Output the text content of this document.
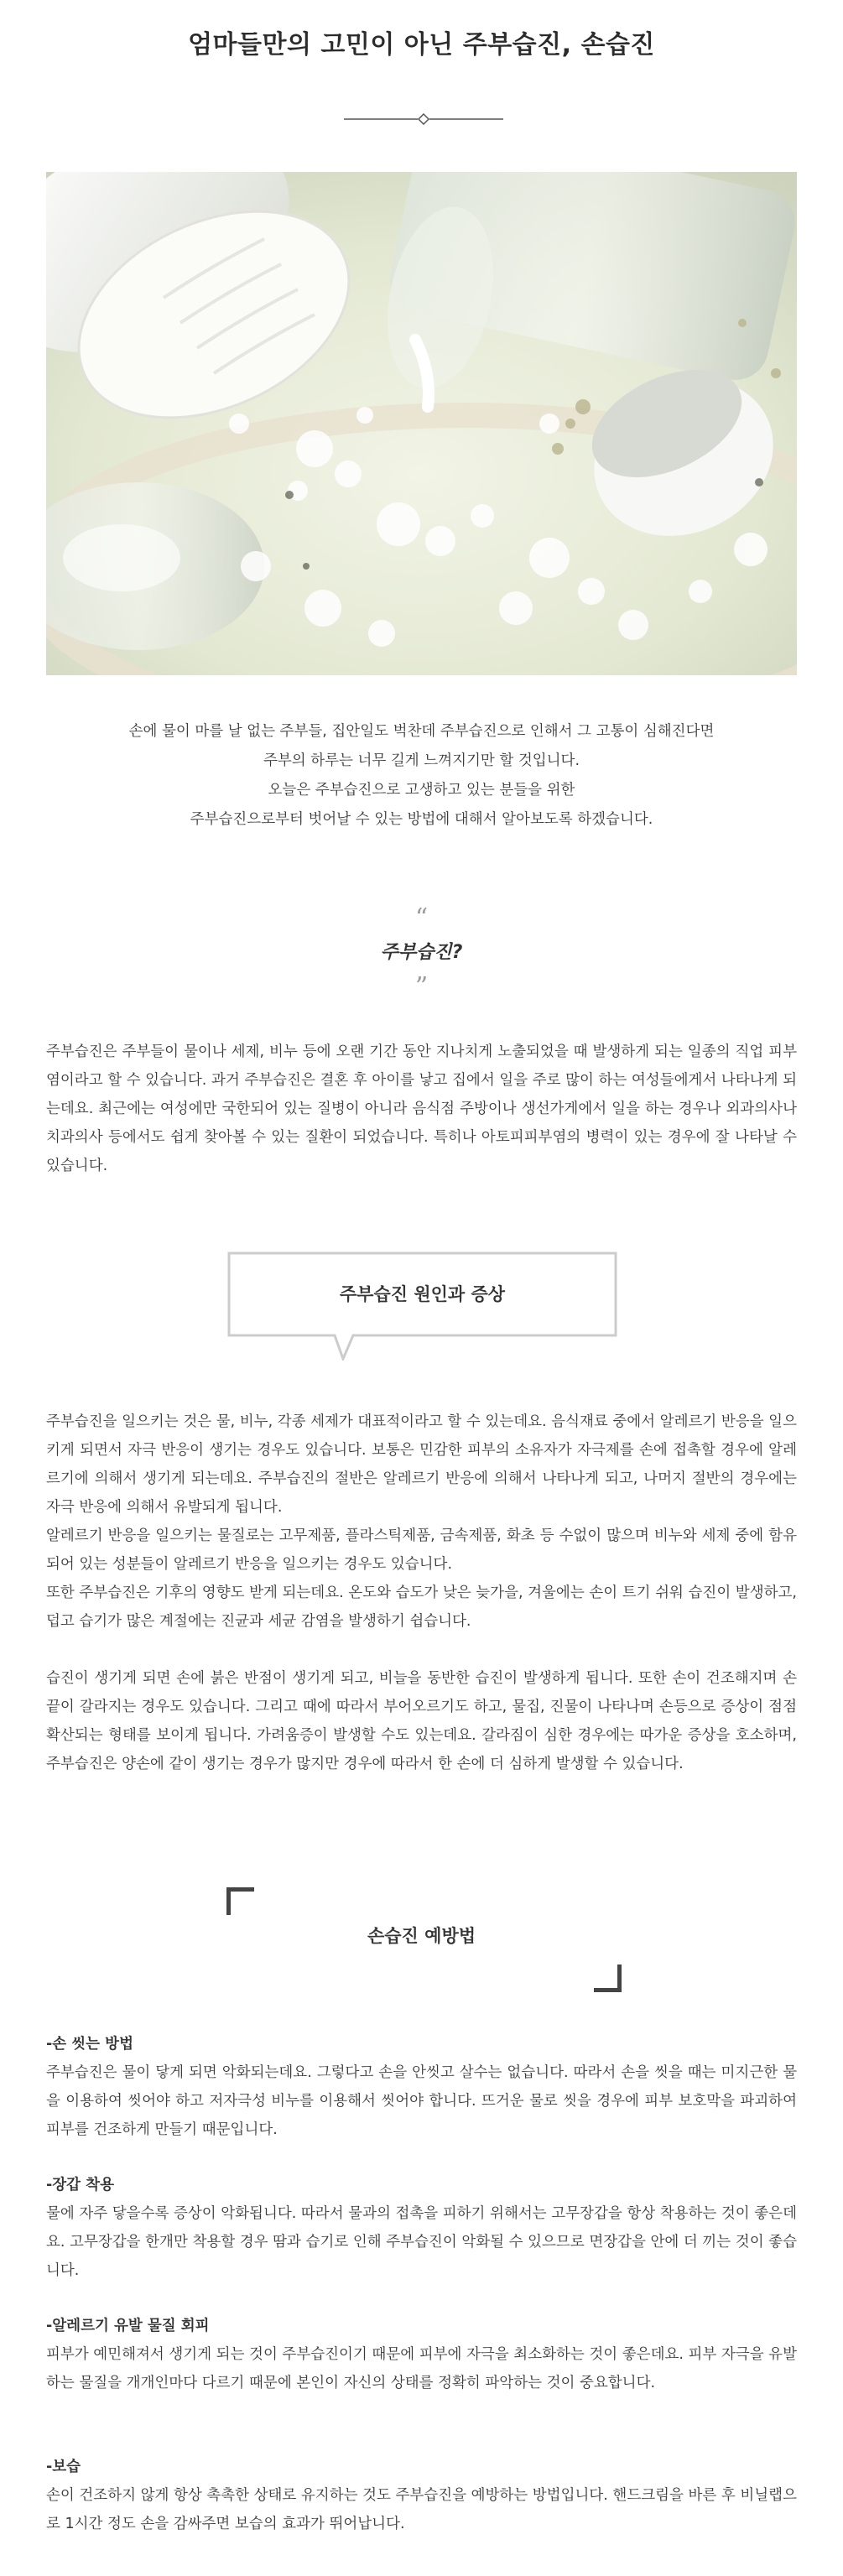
엄마들만의 고민이 아닌 주부습진, 손습진
손에 물이 마를 날 없는 주부들, 집안일도 벅찬데 주부습진으로 인해서 그 고통이 심해진다면
주부의 하루는 너무 길게 느껴지기만 할 것입니다.
오늘은 주부습진으로 고생하고 있는 분들을 위한
주부습진으로부터 벗어날 수 있는 방법에 대해서 알아보도록 하겠습니다.
“
주부습진?
”
주부습진은 주부들이 물이나 세제, 비누 등에 오랜 기간 동안 지나치게 노출되었을 때 발생하게 되는 일종의 직업 피부염이라고 할 수 있습니다. 과거 주부습진은 결혼 후 아이를 낳고 집에서 일을 주로 많이 하는 여성들에게서 나타나게 되는데요. 최근에는 여성에만 국한되어 있는 질병이 아니라 음식점 주방이나 생선가게에서 일을 하는 경우나 외과의사나 치과의사 등에서도 쉽게 찾아볼 수 있는 질환이 되었습니다. 특히나 아토피피부염의 병력이 있는 경우에 잘 나타날 수 있습니다.
주부습진 원인과 증상
주부습진을 일으키는 것은 물, 비누, 각종 세제가 대표적이라고 할 수 있는데요. 음식재료 중에서 알레르기 반응을 일으키게 되면서 자극 반응이 생기는 경우도 있습니다. 보통은 민감한 피부의 소유자가 자극제를 손에 접촉할 경우에 알레르기에 의해서 생기게 되는데요. 주부습진의 절반은 알레르기 반응에 의해서 나타나게 되고, 나머지 절반의 경우에는 자극 반응에 의해서 유발되게 됩니다.
알레르기 반응을 일으키는 물질로는 고무제품, 플라스틱제품, 금속제품, 화초 등 수없이 많으며 비누와 세제 중에 함유되어 있는 성분들이 알레르기 반응을 일으키는 경우도 있습니다.
또한 주부습진은 기후의 영향도 받게 되는데요. 온도와 습도가 낮은 늦가을, 겨울에는 손이 트기 쉬워 습진이 발생하고, 덥고 습기가 많은 계절에는 진균과 세균 감염을 발생하기 쉽습니다.
습진이 생기게 되면 손에 붉은 반점이 생기게 되고, 비늘을 동반한 습진이 발생하게 됩니다. 또한 손이 건조해지며 손 끝이 갈라지는 경우도 있습니다. 그리고 때에 따라서 부어오르기도 하고, 물집, 진물이 나타나며 손등으로 증상이 점점 확산되는 형태를 보이게 됩니다. 가려움증이 발생할 수도 있는데요. 갈라짐이 심한 경우에는 따가운 증상을 호소하며, 주부습진은 양손에 같이 생기는 경우가 많지만 경우에 따라서 한 손에 더 심하게 발생할 수 있습니다.
손습진 예방법
-손 씻는 방법
주부습진은 물이 닿게 되면 악화되는데요. 그렇다고 손을 안씻고 살수는 없습니다. 따라서 손을 씻을 때는 미지근한 물을 이용하여 씻어야 하고 저자극성 비누를 이용해서 씻어야 합니다. 뜨거운 물로 씻을 경우에 피부 보호막을 파괴하여 피부를 건조하게 만들기 때문입니다.
-장갑 착용
물에 자주 닿을수록 증상이 악화됩니다. 따라서 물과의 접촉을 피하기 위해서는 고무장갑을 항상 착용하는 것이 좋은데요. 고무장갑을 한개만 착용할 경우 땀과 습기로 인해 주부습진이 악화될 수 있으므로 면장갑을 안에 더 끼는 것이 좋습니다.
-알레르기 유발 물질 회피
피부가 예민해져서 생기게 되는 것이 주부습진이기 때문에 피부에 자극을 최소화하는 것이 좋은데요. 피부 자극을 유발하는 물질을 개개인마다 다르기 때문에 본인이 자신의 상태를 정확히 파악하는 것이 중요합니다.
-보습
손이 건조하지 않게 항상 촉촉한 상태로 유지하는 것도 주부습진을 예방하는 방법입니다. 핸드크림을 바른 후 비닐랩으로 1시간 정도 손을 감싸주면 보습의 효과가 뛰어납니다.
